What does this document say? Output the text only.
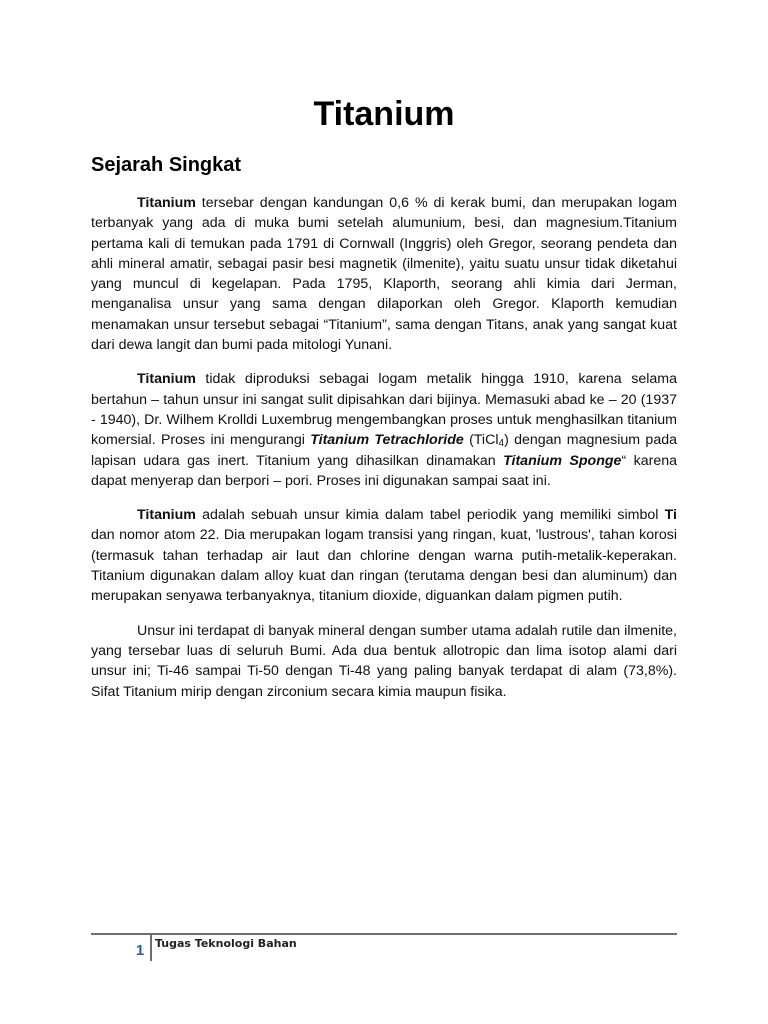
Titanium
Sejarah Singkat

Titanium tersebar dengan kandungan 0,6 % di kerak bumi, dan merupakan logam terbanyak yang ada di muka bumi setelah alumunium, besi, dan magnesium.Titanium pertama kali di temukan pada 1791 di Cornwall (Inggris) oleh Gregor, seorang pendeta dan ahli mineral amatir, sebagai pasir besi magnetik (ilmenite), yaitu suatu unsur tidak diketahui yang muncul di kegelapan. Pada 1795, Klaporth, seorang ahli kimia dari Jerman, menganalisa unsur yang sama dengan dilaporkan oleh Gregor. Klaporth kemudian menamakan unsur tersebut sebagai “Titanium”, sama dengan Titans, anak yang sangat kuat dari dewa langit dan bumi pada mitologi Yunani.

Titanium tidak diproduksi sebagai logam metalik hingga 1910, karena selama bertahun – tahun unsur ini sangat sulit dipisahkan dari bijinya. Memasuki abad ke – 20 (1937 - 1940), Dr. Wilhem Krolldi Luxembrug mengembangkan proses untuk menghasilkan titanium komersial. Proses ini mengurangi Titanium Tetrachloride (TiCl$_4$) dengan magnesium pada lapisan udara gas inert. Titanium yang dihasilkan dinamakan Titanium Sponge“ karena dapat menyerap dan berpori – pori. Proses ini digunakan sampai saat ini.

Titanium adalah sebuah unsur kimia dalam tabel periodik yang memiliki simbol Ti dan nomor atom 22. Dia merupakan logam transisi yang ringan, kuat, 'lustrous', tahan korosi (termasuk tahan terhadap air laut dan chlorine dengan warna putih-metalik-keperakan. Titanium digunakan dalam alloy kuat dan ringan (terutama dengan besi dan aluminum) dan merupakan senyawa terbanyaknya, titanium dioxide, diguankan dalam pigmen putih.

Unsur ini terdapat di banyak mineral dengan sumber utama adalah rutile dan ilmenite, yang tersebar luas di seluruh Bumi. Ada dua bentuk allotropic dan lima isotop alami dari unsur ini; Ti-46 sampai Ti-50 dengan Ti-48 yang paling banyak terdapat di alam (73,8%). Sifat Titanium mirip dengan zirconium secara kimia maupun fisika.

1 Tugas Teknologi Bahan
